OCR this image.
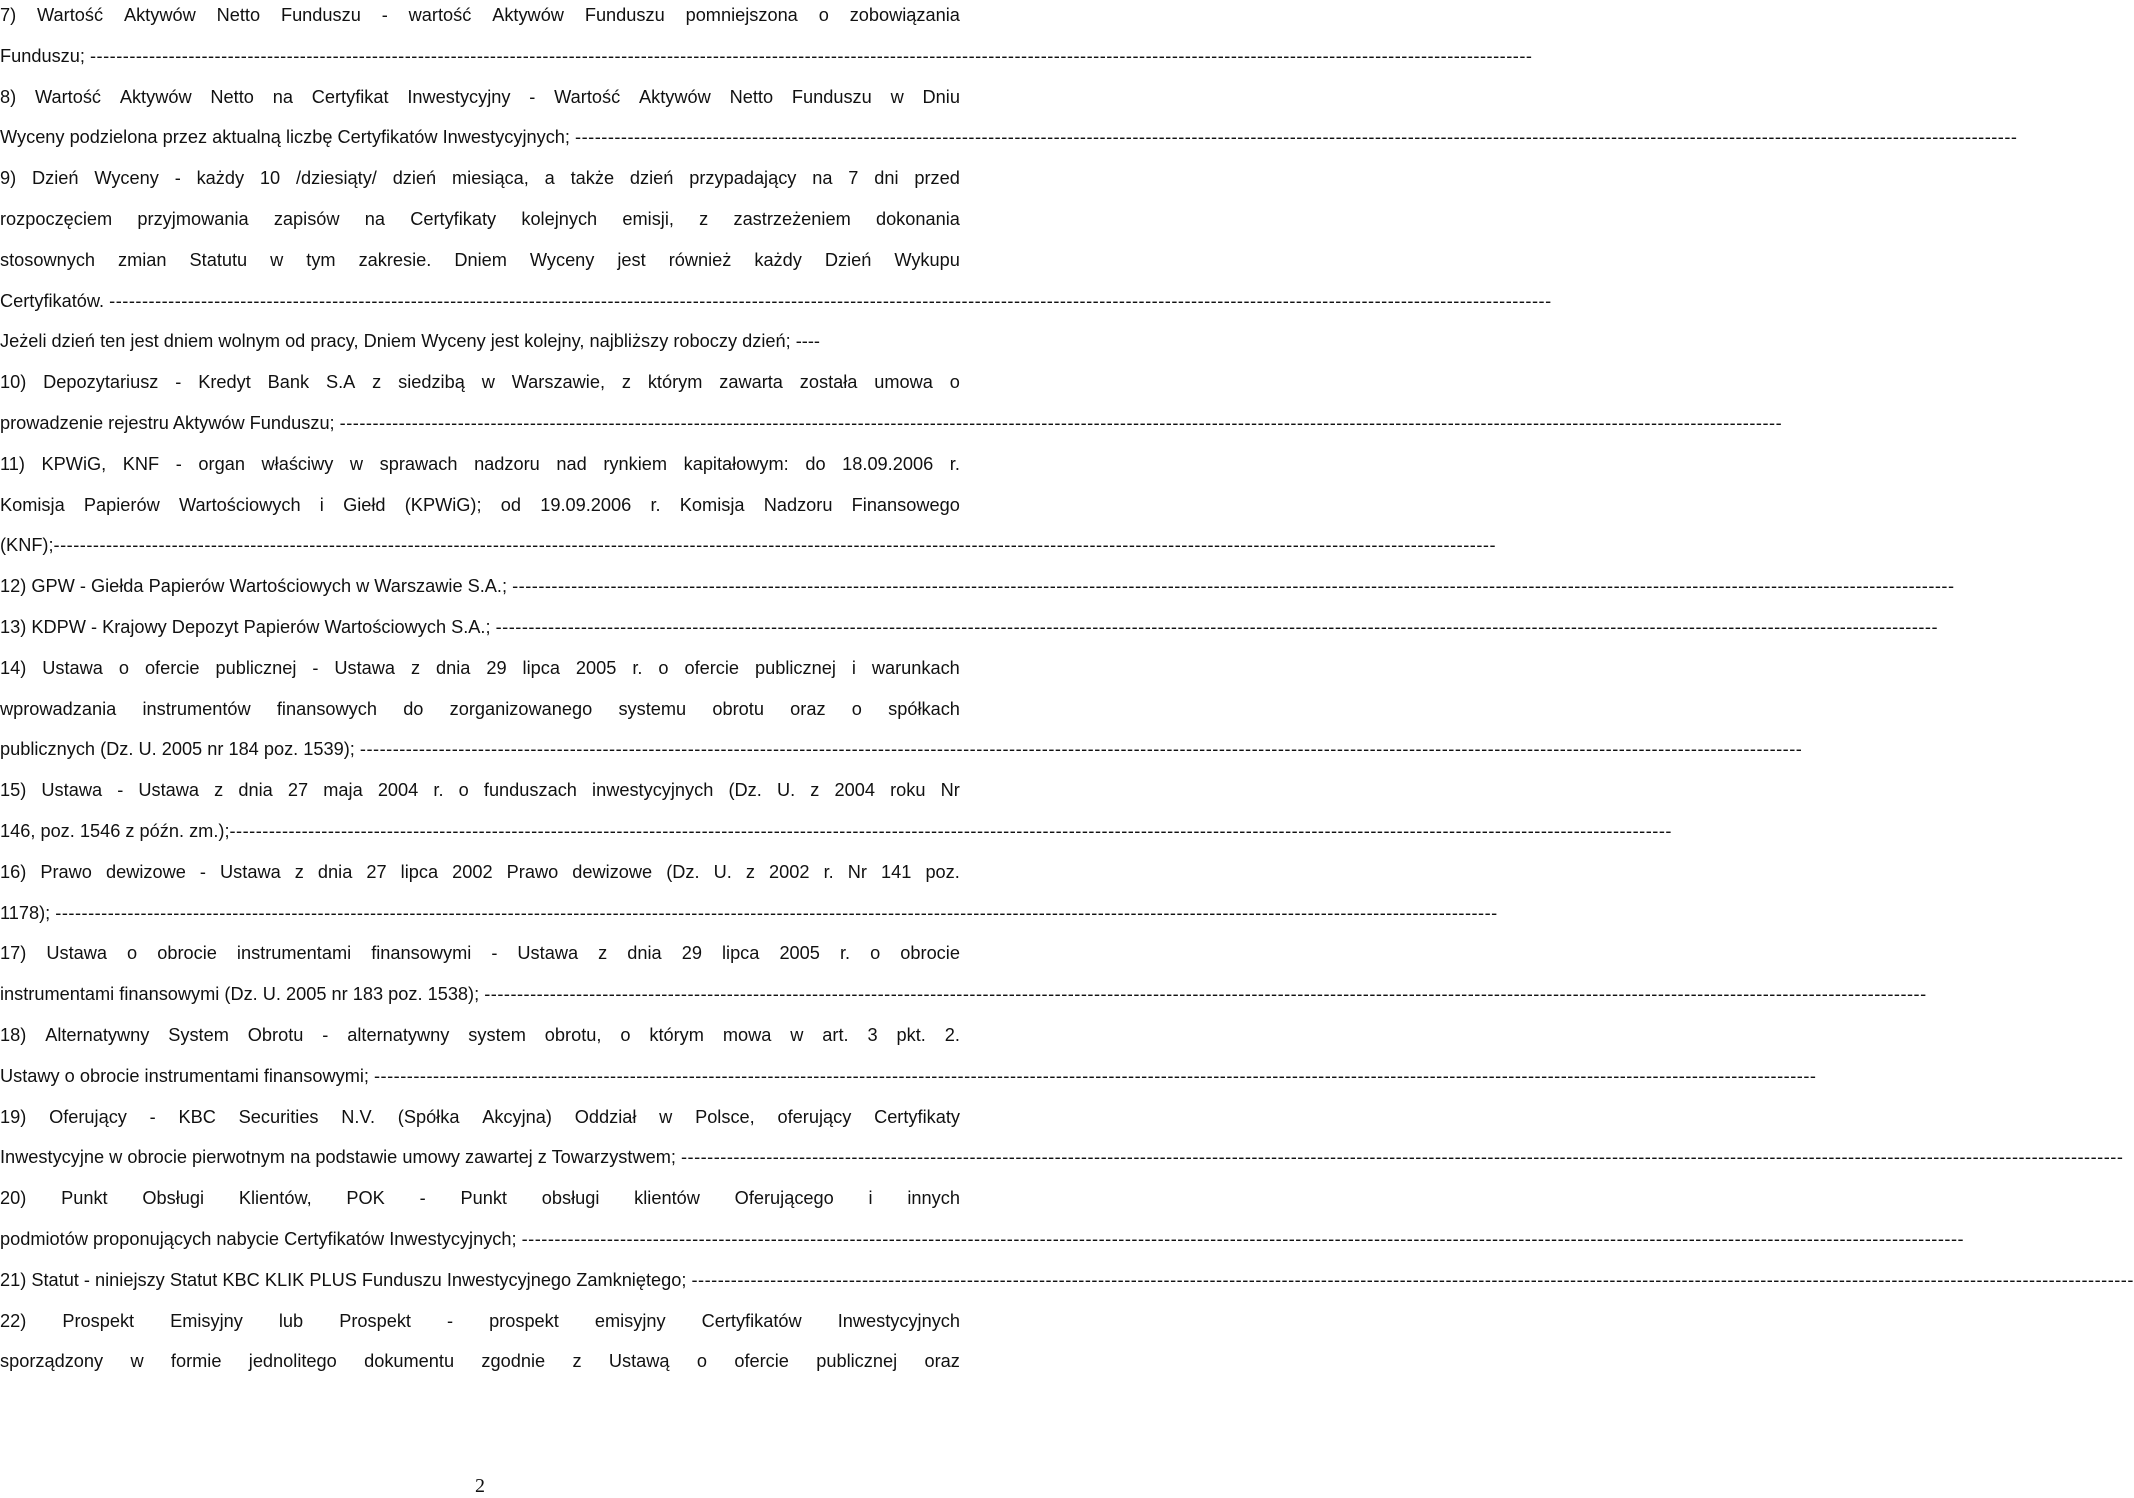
7) Wartość Aktywów Netto Funduszu - wartość Aktywów Funduszu pomniejszona o zobowiązania
Funduszu; ----------------------------------------------------------------------------------------------------------------------------------------------------------------------------------------------------------------------------
8) Wartość Aktywów Netto na Certyfikat Inwestycyjny - Wartość Aktywów Netto Funduszu w Dniu
Wyceny podzielona przez aktualną liczbę Certyfikatów Inwestycyjnych; ----------------------------------------------------------------------------------------------------------------------------------------------------------------------------------------------------------------------------
9) Dzień Wyceny - każdy 10 /dziesiąty/ dzień miesiąca, a także dzień przypadający na 7 dni przed
rozpoczęciem przyjmowania zapisów na Certyfikaty kolejnych emisji, z zastrzeżeniem dokonania
stosownych zmian Statutu w tym zakresie. Dniem Wyceny jest również każdy Dzień Wykupu
Certyfikatów. ----------------------------------------------------------------------------------------------------------------------------------------------------------------------------------------------------------------------------
Jeżeli dzień ten jest dniem wolnym od pracy, Dniem Wyceny jest kolejny, najbliższy roboczy dzień; ----
10) Depozytariusz - Kredyt Bank S.A z siedzibą w Warszawie, z którym zawarta została umowa o
prowadzenie rejestru Aktywów Funduszu; ----------------------------------------------------------------------------------------------------------------------------------------------------------------------------------------------------------------------------
11) KPWiG, KNF - organ właściwy w sprawach nadzoru nad rynkiem kapitałowym: do 18.09.2006 r.
Komisja Papierów Wartościowych i Giełd (KPWiG); od 19.09.2006 r. Komisja Nadzoru Finansowego
(KNF); ----------------------------------------------------------------------------------------------------------------------------------------------------------------------------------------------------------------------------
12) GPW - Giełda Papierów Wartościowych w Warszawie S.A.; ----------------------------------------------------------------------------------------------------------------------------------------------------------------------------------------------------------------------------
13) KDPW - Krajowy Depozyt Papierów Wartościowych S.A.; ----------------------------------------------------------------------------------------------------------------------------------------------------------------------------------------------------------------------------
14) Ustawa o ofercie publicznej - Ustawa z dnia 29 lipca 2005 r. o ofercie publicznej i warunkach
wprowadzania instrumentów finansowych do zorganizowanego systemu obrotu oraz o spółkach
publicznych (Dz. U. 2005 nr 184 poz. 1539); ----------------------------------------------------------------------------------------------------------------------------------------------------------------------------------------------------------------------------
15) Ustawa - Ustawa z dnia 27 maja 2004 r. o funduszach inwestycyjnych (Dz. U. z 2004 roku Nr
146, poz. 1546 z późn. zm.); ----------------------------------------------------------------------------------------------------------------------------------------------------------------------------------------------------------------------------
16) Prawo dewizowe - Ustawa z dnia 27 lipca 2002 Prawo dewizowe (Dz. U. z 2002 r. Nr 141 poz.
1178); ----------------------------------------------------------------------------------------------------------------------------------------------------------------------------------------------------------------------------
17) Ustawa o obrocie instrumentami finansowymi - Ustawa z dnia 29 lipca 2005 r. o obrocie
instrumentami finansowymi (Dz. U. 2005 nr 183 poz. 1538); ----------------------------------------------------------------------------------------------------------------------------------------------------------------------------------------------------------------------------
18) Alternatywny System Obrotu - alternatywny system obrotu, o którym mowa w art. 3 pkt. 2.
Ustawy o obrocie instrumentami finansowymi; ----------------------------------------------------------------------------------------------------------------------------------------------------------------------------------------------------------------------------
19) Oferujący - KBC Securities N.V. (Spółka Akcyjna) Oddział w Polsce, oferujący Certyfikaty
Inwestycyjne w obrocie pierwotnym na podstawie umowy zawartej z Towarzystwem; ----------------------------------------------------------------------------------------------------------------------------------------------------------------------------------------------------------------------------
20) Punkt Obsługi Klientów, POK - Punkt obsługi klientów Oferującego i innych
podmiotów proponujących nabycie Certyfikatów Inwestycyjnych; ----------------------------------------------------------------------------------------------------------------------------------------------------------------------------------------------------------------------------
21) Statut - niniejszy Statut KBC KLIK PLUS Funduszu Inwestycyjnego Zamkniętego; ----------------------------------------------------------------------------------------------------------------------------------------------------------------------------------------------------------------------------
22) Prospekt Emisyjny lub Prospekt - prospekt emisyjny Certyfikatów Inwestycyjnych
sporządzony w formie jednolitego dokumentu zgodnie z Ustawą o ofercie publicznej oraz
2
